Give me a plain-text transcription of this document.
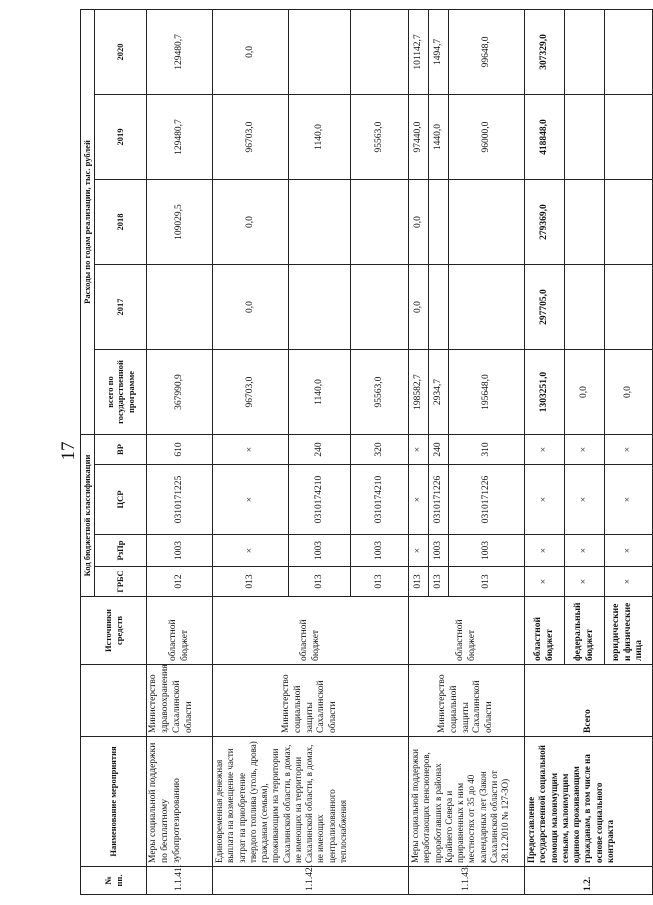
17
№ пп.	Наименование мероприятия		Источники средств	Код бюджетной классификации				Расходы по годам реализации, тыс. рублей				
				ГРБС	РзПр	ЦСР	ВР	всего по государственной программе	2017	2018	2019	2020
1.1.41.	Меры социальной поддержки по бесплатному зубопротезированию	Министерство здравоохранения Сахалинской области	областной бюджет	012	1003	0310171225	610	367990,9		109029,5	129480,7	129480,7
1.1.42.	Единовременная денежная выплата на возмещение части затрат на приобретение твердого топлива (уголь, дрова) гражданам (семьям), проживающим на территории Сахалинской области, в домах, не имеющих на территории Сахалинской области, в домах, не имеющих централизованного теплоснабжения	Министерство социальной защиты Сахалинской области	областной бюджет	013	×	×	×	96703,0	0,0	0,0	96703,0	0,0
				013	1003	0310174210	240	1140,0			1140,0	
				013	1003	0310174210	320	95563,0			95563,0	
1.1.43.	Меры социальной поддержки неработающих пенсионеров, проработавших в районах Крайнего Севера и приравненных к ним местностях от 35 до 40 календарных лет (Закон Сахалинской области от 28.12.2010 № 127-ЗО)	Министерство социальной защиты Сахалинской области	областной бюджет	013	×	×	×	198582,7	0,0	0,0	97440,0	101142,7
				013	1003	0310171226	240	2934,7			1440,0	1494,7
				013	1003	0310171226	310	195648,0			96000,0	99648,0
1.2.	Предоставление государственной социальной помощи малоимущим семьям, малоимущим одиноко проживающим гражданам, в том числе на основе социального контракта	Всего	областной бюджет	×	×	×	×	1303251,0	297705,0	279369,0	418848,0	307329,0
			федеральный бюджет	×	×	×	×	0,0				
			юридические и физические лица	×	×	×	×	0,0				
